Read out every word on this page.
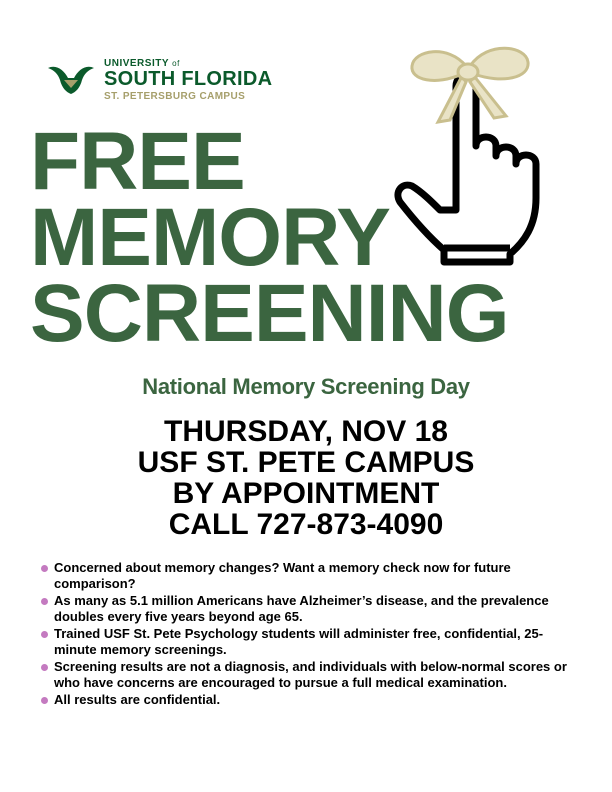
UNIVERSITY of
SOUTH FLORIDA
ST. PETERSBURG CAMPUS
FREE
MEMORY
SCREENING
National Memory Screening Day
THURSDAY, NOV 18
USF ST. PETE CAMPUS
BY APPOINTMENT
CALL 727-873-4090
Concerned about memory changes? Want a memory check now for future comparison?
As many as 5.1 million Americans have Alzheimer’s disease, and the prevalence doubles every five years beyond age 65.
Trained USF St. Pete Psychology students will administer free, confidential, 25-minute memory screenings.
Screening results are not a diagnosis, and individuals with below-normal scores or who have concerns are encouraged to pursue a full medical examination.
All results are confidential.
